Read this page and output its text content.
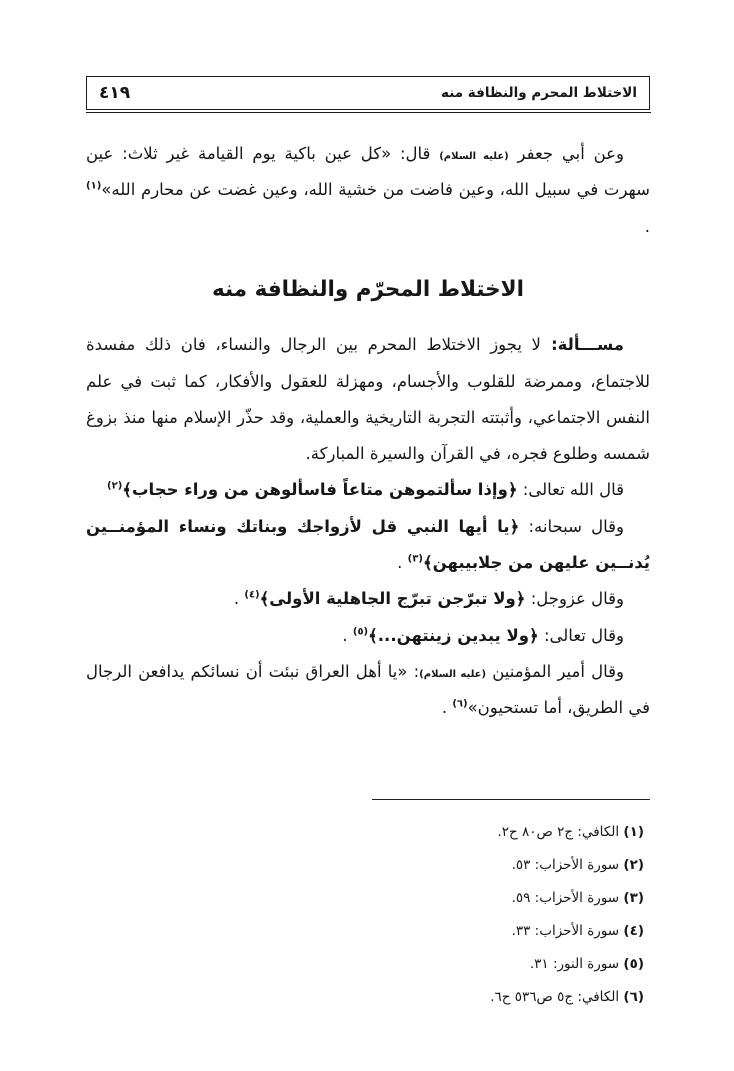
الاختلاط المحرم والنظافة منه
٤١٩

وعن أبي جعفر (عليه السلام) قال: «كل عين باكية يوم القيامة غير ثلاث: عين سهرت في سبيل الله، وعين فاضت من خشية الله، وعين غضت عن محارم الله»$^{(١)}$ .

الاختلاط المحرّم والنظافة منه

مســـألة: لا يجوز الاختلاط المحرم بين الرجال والنساء، فان ذلك مفسدة للاجتماع، وممرضة للقلوب والأجسام، ومهزلة للعقول والأفكار، كما ثبت في علم النفس الاجتماعي، وأثبتته التجربة التاريخية والعملية، وقد حذّر الإسلام منها منذ بزوغ شمسه وطلوع فجره، في القرآن والسيرة المباركة.

قال الله تعالى: ﴿وإذا سألتموهن متاعاً فاسألوهن من وراء حجاب﴾$^{(٢)}$

وقال سبحانه: ﴿يا أيها النبي قل لأزواجك وبناتك ونساء المؤمنــين يُدنــين عليهن من جلابيبهن﴾$^{(٣)}$ .

وقال عزوجل: ﴿ولا تبرّجن تبرّج الجاهلية الأولى﴾$^{(٤)}$ .

وقال تعالى: ﴿ولا يبدين زينتهن...﴾$^{(٥)}$ .

وقال أمير المؤمنين (عليه السلام): «يا أهل العراق نبئت أن نسائكم يدافعن الرجال في الطريق، أما تستحيون»$^{(٦)}$ .

(١) الكافي: ج٢ ص٨٠ ح٢.
(٢) سورة الأحزاب: ٥٣.
(٣) سورة الأحزاب: ٥٩.
(٤) سورة الأحزاب: ٣٣.
(٥) سورة النور: ٣١.
(٦) الكافي: ج٥ ص٥٣٦ ح٦.
